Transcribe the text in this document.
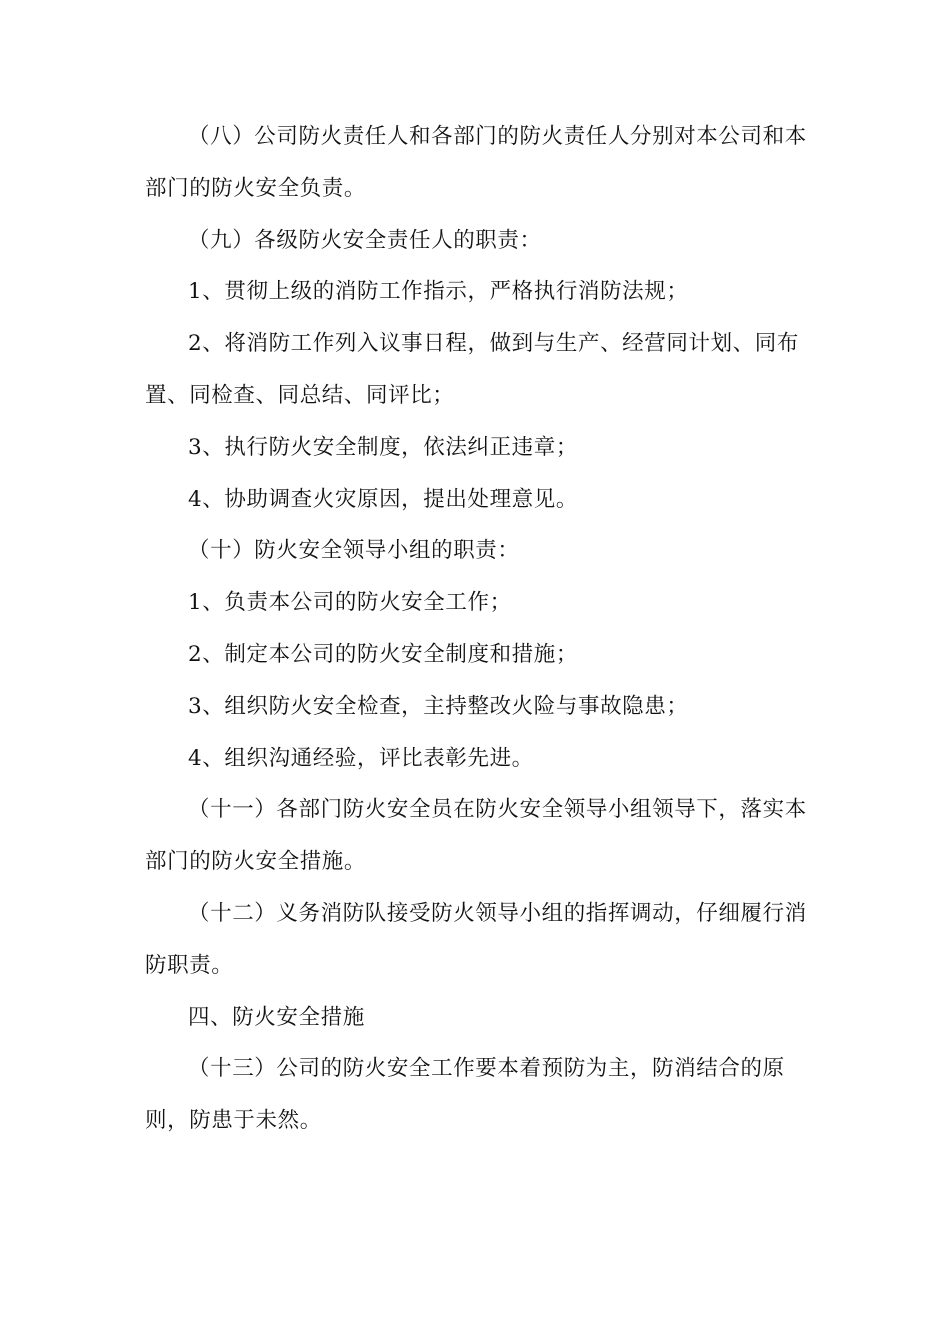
（八）公司防火责任人和各部门的防火责任人分别对本公司和本部门的防火安全负责。

（九）各级防火安全责任人的职责：

1、贯彻上级的消防工作指示，严格执行消防法规；

2、将消防工作列入议事日程，做到与生产、经营同计划、同布置、同检查、同总结、同评比；

3、执行防火安全制度，依法纠正违章；

4、协助调查火灾原因，提出处理意见。

（十）防火安全领导小组的职责：

1、负责本公司的防火安全工作；

2、制定本公司的防火安全制度和措施；

3、组织防火安全检查，主持整改火险与事故隐患；

4、组织沟通经验，评比表彰先进。

（十一）各部门防火安全员在防火安全领导小组领导下，落实本部门的防火安全措施。

（十二）义务消防队接受防火领导小组的指挥调动，仔细履行消防职责。

四、防火安全措施

（十三）公司的防火安全工作要本着预防为主，防消结合的原则，防患于未然。
